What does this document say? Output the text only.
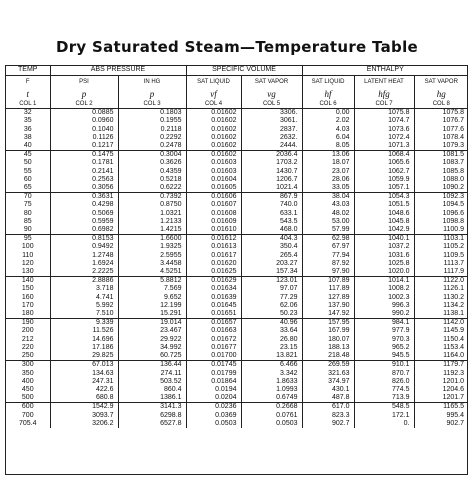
Dry Saturated Steam—Temperature Table
TEMP	ABS PRESSURE		SPECIFIC VOLUME		ENTHALPY		
F	PSI	IN HG	SAT LIQUID	SAT VAPOR	SAT LIQUID	LATENT HEAT	SAT VAPOR
t	p	p	vf	vg	hf	hfg	hg
COL 1	COL 2	COL 3	COL 4	COL 5	COL 6	COL 7	COL 8
32	0.0885	0.1803	0.01602	3306.	0.00	1075.8	1075.8
35	0.0960	0.1955	0.01602	3061.	2.02	1074.7	1076.7
36	0.1040	0.2118	0.01602	2837.	4.03	1073.6	1077.6
38	0.1126	0.2292	0.01602	2632.	6.04	1072.4	1078.4
40	0.1217	0.2478	0.01602	2444.	8.05	1071.3	1079.3
45	0.1475	0.3004	0.01602	2036.4	13.06	1068.4	1081.5
50	0.1781	0.3626	0.01603	1703.2	18.07	1065.6	1083.7
55	0.2141	0.4359	0.01603	1430.7	23.07	1062.7	1085.8
60	0.2563	0.5218	0.01604	1206.7	28.06	1059.9	1088.0
65	0.3056	0.6222	0.01605	1021.4	33.05	1057.1	1090.2
70	0.3631	0.7392	0.01606	867.9	38.04	1054.3	1092.3
75	0.4298	0.8750	0.01607	740.0	43.03	1051.5	1094.5
80	0.5069	1.0321	0.01608	633.1	48.02	1048.6	1096.6
85	0.5959	1.2133	0.01609	543.5	53.00	1045.8	1098.8
90	0.6982	1.4215	0.01610	468.0	57.99	1042.9	1100.9
95	0.8153	1.6600	0.01612	404.3	62.98	1040.1	1103.1
100	0.9492	1.9325	0.01613	350.4	67.97	1037.2	1105.2
110	1.2748	2.5955	0.01617	265.4	77.94	1031.6	1109.5
120	1.6924	3.4458	0.01620	203.27	87.92	1025.8	1113.7
130	2.2225	4.5251	0.01625	157.34	97.90	1020.0	1117.9
140	2.8886	5.8812	0.01629	123.01	107.89	1014.1	1122.0
150	3.718	7.569	0.01634	97.07	117.89	1008.2	1126.1
160	4.741	9.652	0.01639	77.29	127.89	1002.3	1130.2
170	5.992	12.199	0.01645	62.06	137.90	996.3	1134.2
180	7.510	15.291	0.01651	50.23	147.92	990.2	1138.1
190	9.339	19.014	0.01657	40.96	157.95	984.1	1142.0
200	11.526	23.467	0.01663	33.64	167.99	977.9	1145.9
212	14.696	29.922	0.01672	26.80	180.07	970.3	1150.4
220	17.186	34.992	0.01677	23.15	188.13	965.2	1153.4
250	29.825	60.725	0.01700	13.821	218.48	945.5	1164.0
300	67.013	136.44	0.01745	6.466	269.59	910.1	1179.7
350	134.63	274.11	0.01799	3.342	321.63	870.7	1192.3
400	247.31	503.52	0.01864	1.8633	374.97	826.0	1201.0
450	422.6	860.4	0.0194	1.0993	430.1	774.5	1204.6
500	680.8	1386.1	0.0204	0.6749	487.8	713.9	1201.7
600	1542.9	3141.3	0.0236	0.2668	617.0	548.5	1165.5
700	3093.7	6298.8	0.0369	0.0761	823.3	172.1	995.4
705.4	3206.2	6527.8	0.0503	0.0503	902.7	0.	902.7
